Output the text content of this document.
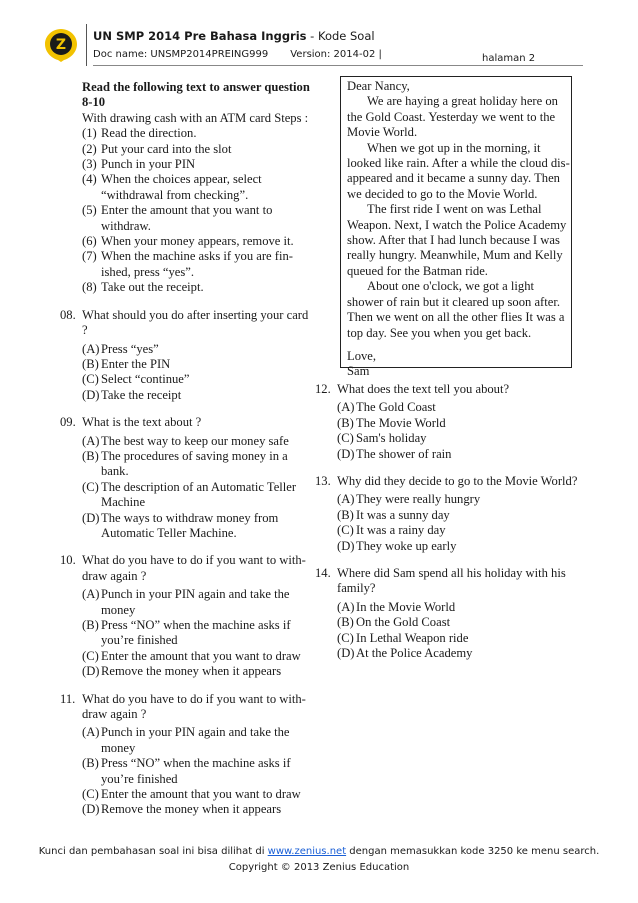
Z
UN SMP 2014 Pre Bahasa Inggris - Kode Soal
Doc name: UNSMP2014PREING999 Version: 2014-02 |	halaman 2
Read the following text to answer question 8-10
With drawing cash with an ATM card Steps :
(1) Read the direction.
(2) Put your card into the slot
(3) Punch in your PIN
(4) When the choices appear, select “withdrawal from checking”.
(5) Enter the amount that you want to withdraw.
(6) When your money appears, remove it.
(7) When the machine asks if you are fin-ished, press “yes”.
(8) Take out the receipt.
08. What should you do after inserting your card ?
(A) Press “yes”
(B) Enter the PIN
(C) Select “continue”
(D) Take the receipt
09. What is the text about ?
(A) The best way to keep our money safe
(B) The procedures of saving money in a bank.
(C) The description of an Automatic Teller Machine
(D) The ways to withdraw money from Automatic Teller Machine.
10. What do you have to do if you want to with-draw again ?
(A) Punch in your PIN again and take the money
(B) Press “NO” when the machine asks if you’re finished
(C) Enter the amount that you want to draw
(D) Remove the money when it appears
11. What do you have to do if you want to with-draw again ?
(A) Punch in your PIN again and take the money
(B) Press “NO” when the machine asks if you’re finished
(C) Enter the amount that you want to draw
(D) Remove the money when it appears

Dear Nancy,

We are haying a great holiday here on the Gold Coast. Yesterday we went to the Movie World.

When we got up in the morning, it looked like rain. After a while the cloud dis-appeared and it became a sunny day. Then we decided to go to the Movie World.

The first ride I went on was Lethal Weapon. Next, I watch the Police Academy show. After that I had lunch because I was really hungry. Meanwhile, Mum and Kelly queued for the Batman ride.

About one o'clock, we got a light shower of rain but it cleared up soon after. Then we went on all the other flies It was a top day. See you when you get back.

Love,

Sam

12. What does the text tell you about?
(A) The Gold Coast
(B) The Movie World
(C) Sam's holiday
(D) The shower of rain
13. Why did they decide to go to the Movie World?
(A) They were really hungry
(B) It was a sunny day
(C) It was a rainy day
(D) They woke up early
14. Where did Sam spend all his holiday with his family?
(A) In the Movie World
(B) On the Gold Coast
(C) In Lethal Weapon ride
(D) At the Police Academy
Kunci dan pembahasan soal ini bisa dilihat di www.zenius.net dengan memasukkan kode 3250 ke menu search.
Copyright © 2013 Zenius Education
